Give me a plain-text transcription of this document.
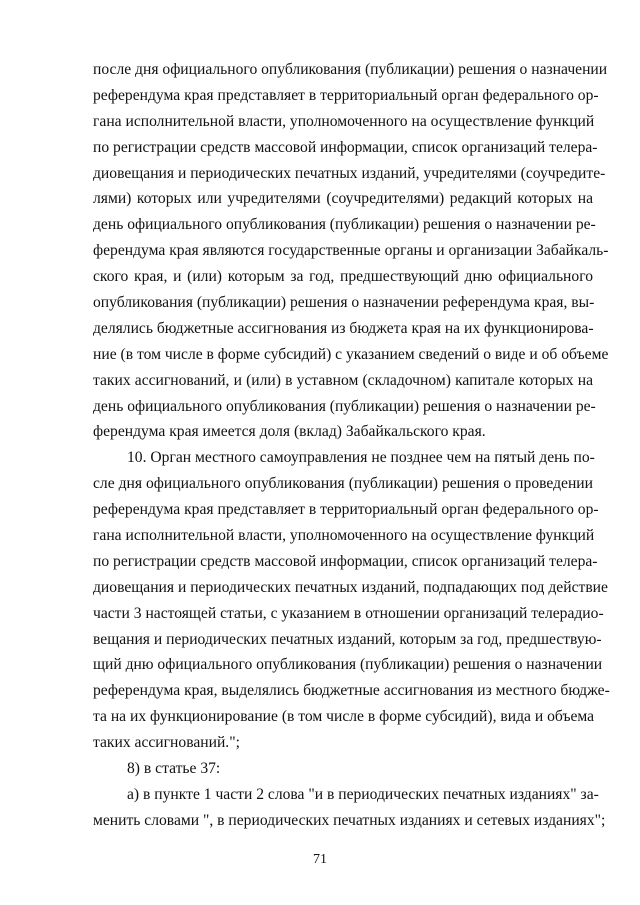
после дня официального опубликования (публикации) решения о назначении
референдума края представляет в территориальный орган федерального ор-
гана исполнительной власти, уполномоченного на осуществление функций
по регистрации средств массовой информации, список организаций телера-
диовещания и периодических печатных изданий, учредителями (соучредите-
лями) которых или учредителями (соучредителями) редакций которых на
день официального опубликования (публикации) решения о назначении ре-
ферендума края являются государственные органы и организации Забайкаль-
ского края, и (или) которым за год, предшествующий дню официального
опубликования (публикации) решения о назначении референдума края, вы-
делялись бюджетные ассигнования из бюджета края на их функционирова-
ние (в том числе в форме субсидий) с указанием сведений о виде и об объеме
таких ассигнований, и (или) в уставном (складочном) капитале которых на
день официального опубликования (публикации) решения о назначении ре-
ферендума края имеется доля (вклад) Забайкальского края.
10. Орган местного самоуправления не позднее чем на пятый день по-
сле дня официального опубликования (публикации) решения о проведении
референдума края представляет в территориальный орган федерального ор-
гана исполнительной власти, уполномоченного на осуществление функций
по регистрации средств массовой информации, список организаций телера-
диовещания и периодических печатных изданий, подпадающих под действие
части 3 настоящей статьи, с указанием в отношении организаций телерадио-
вещания и периодических печатных изданий, которым за год, предшествую-
щий дню официального опубликования (публикации) решения о назначении
референдума края, выделялись бюджетные ассигнования из местного бюдже-
та на их функционирование (в том числе в форме субсидий), вида и объема
таких ассигнований.";
8) в статье 37:
а) в пункте 1 части 2 слова "и в периодических печатных изданиях" за-
менить словами ", в периодических печатных изданиях и сетевых изданиях";
71
